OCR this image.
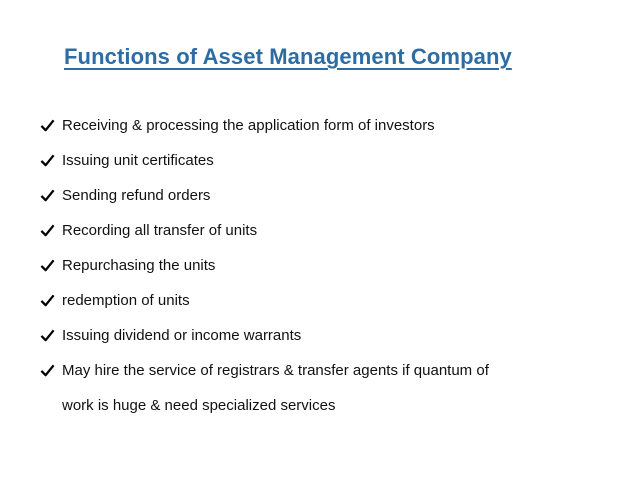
Functions of Asset Management Company
Receiving & processing the application form of investors
Issuing unit certificates
Sending refund orders
Recording all transfer of units
Repurchasing the units
redemption of units
Issuing dividend or income warrants
May hire the service of registrars & transfer agents if quantum of
work is huge & need specialized services
